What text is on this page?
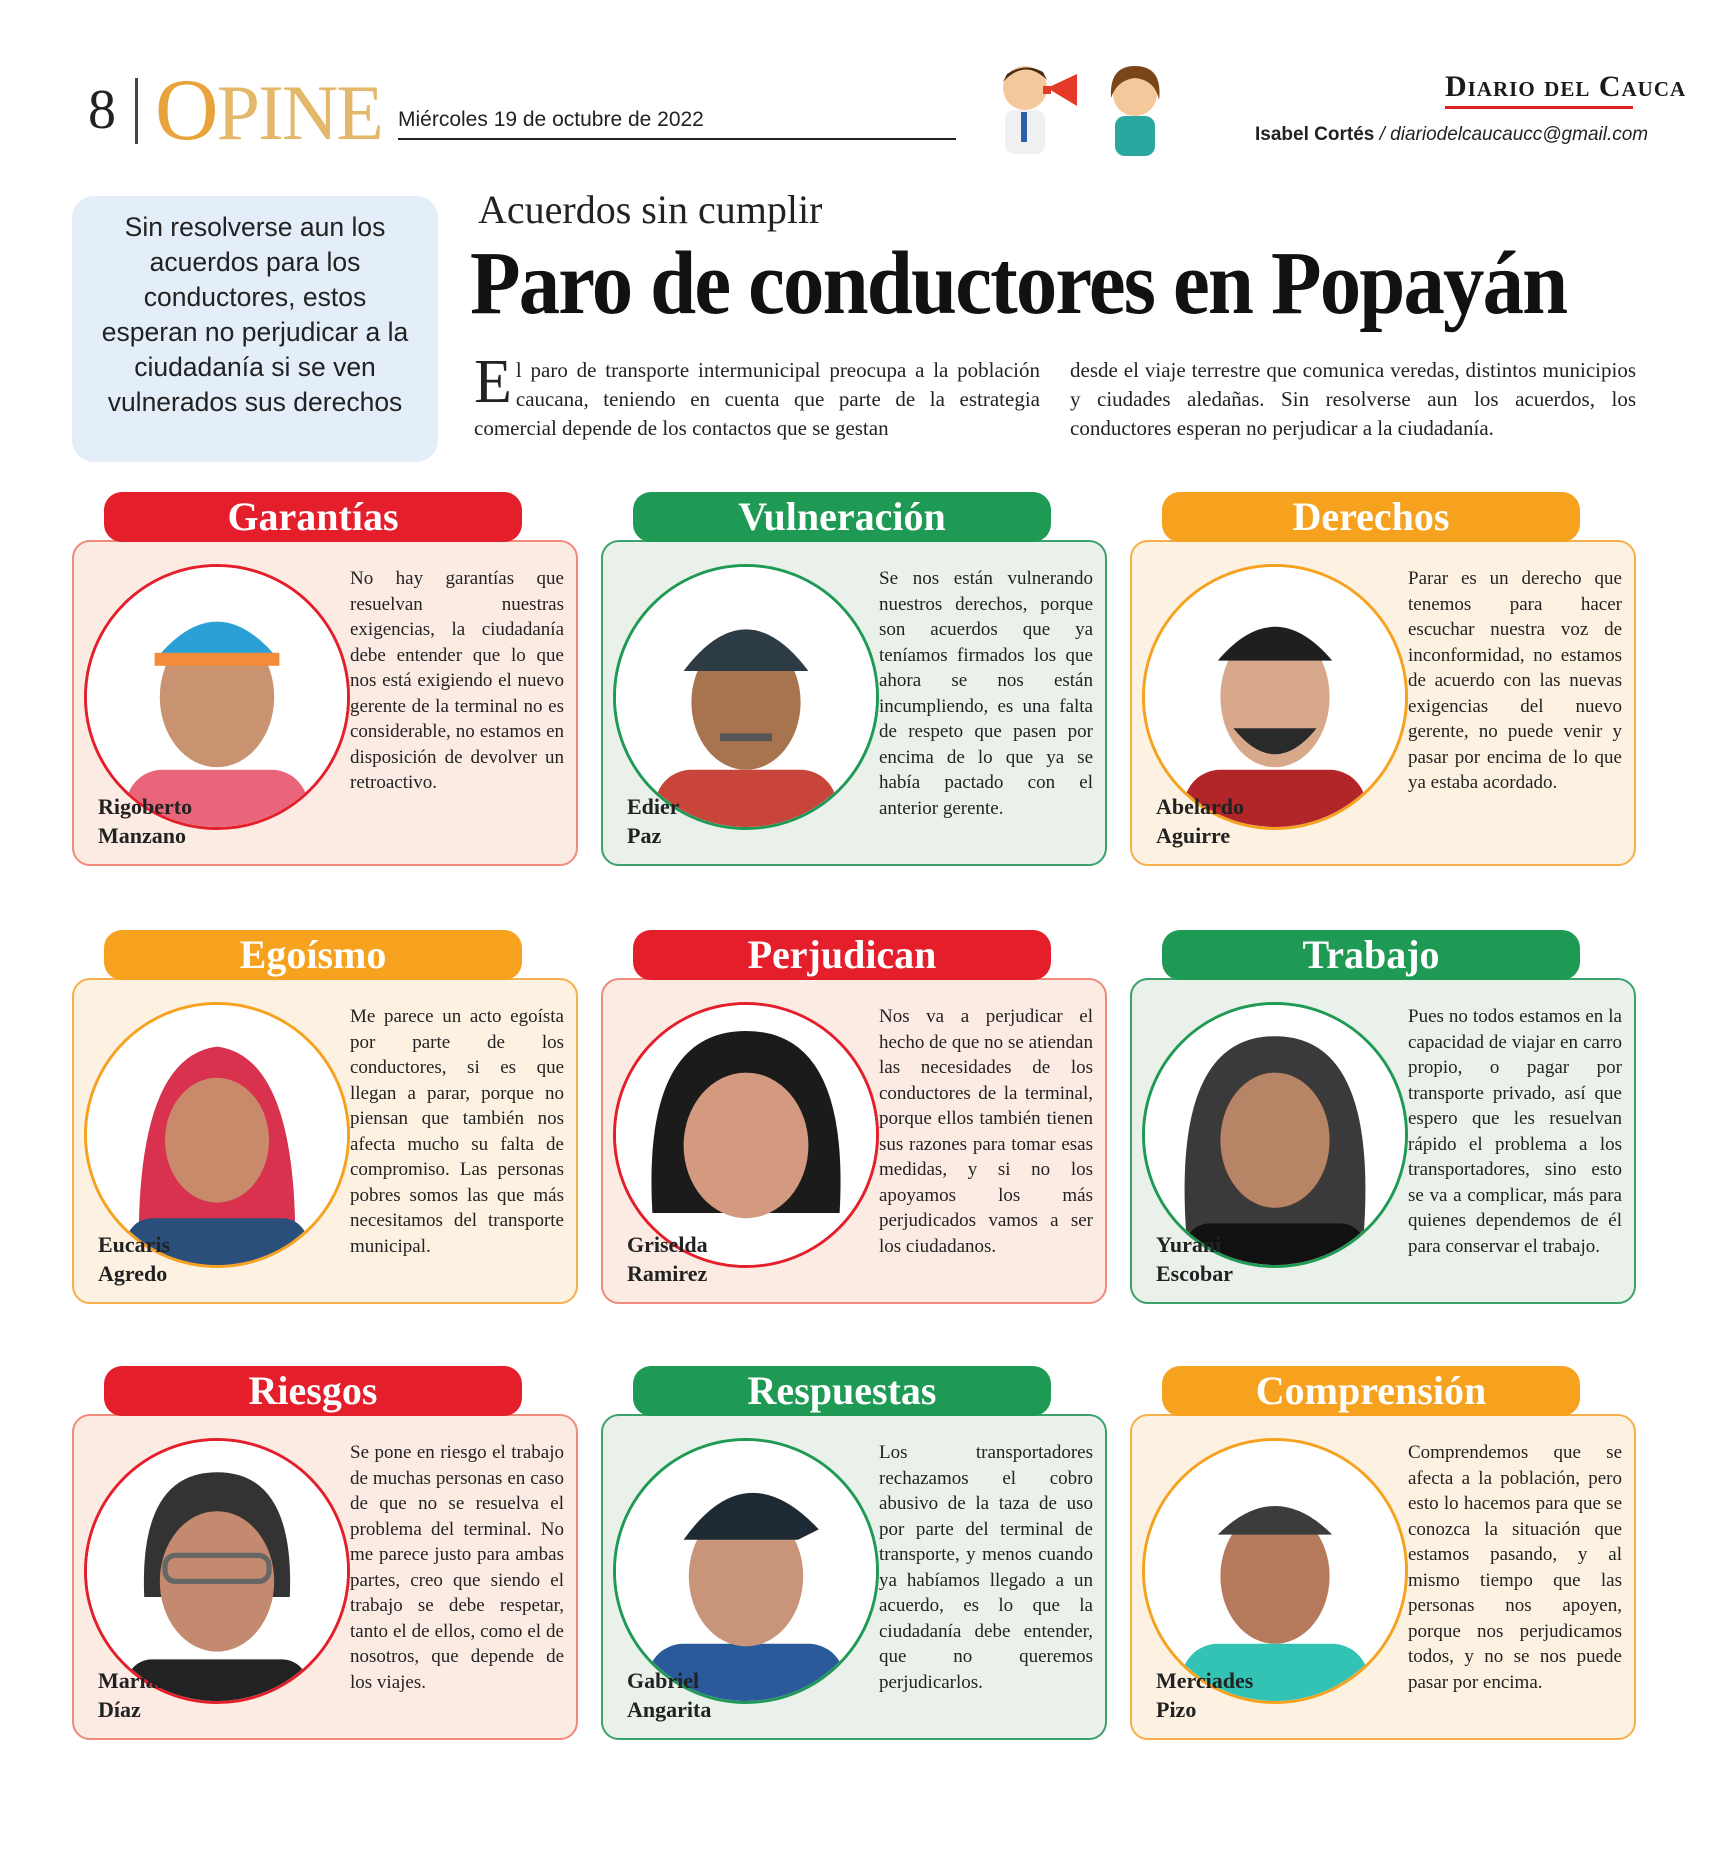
8 OPINE Miércoles 19 de octubre de 2022
Diario del Cauca
Isabel Cortés / diariodelcaucaucc@gmail.com

Sin resolverse aun los acuerdos para los conductores, estos esperan no perjudicar a la ciudadanía si se ven vulnerados sus derechos

Acuerdos sin cumplir
Paro de conductores en Popayán
El paro de transporte intermunicipal preocupa a la población caucana, teniendo en cuenta que parte de la estrategia comercial depende de los contactos que se gestan
desde el viaje terrestre que comunica veredas, distintos municipios y ciudades aledañas. Sin resolverse aun los acuerdos, los conductores esperan no perjudicar a la ciudadanía.
Garantías
No hay garantías que resuelvan nuestras exigencias, la ciudadanía debe entender que lo que nos está exigiendo el nuevo gerente de la terminal no es considerable, no estamos en disposición de devolver un retroactivo.
Rigoberto
Manzano
Vulneración
Se nos están vulnerando nuestros derechos, porque son acuerdos que ya teníamos firmados los que ahora se nos están incumpliendo, es una falta de respeto que pasen por encima de lo que ya se había pactado con el anterior gerente.
Edier
Paz
Derechos
Parar es un derecho que tenemos para hacer escuchar nuestra voz de inconformidad, no estamos de acuerdo con las nuevas exigencias del nuevo gerente, no puede venir y pasar por encima de lo que ya estaba acordado.
Abelardo
Aguirre
Egoísmo
Me parece un acto egoísta por parte de los conductores, si es que llegan a parar, porque no piensan que también nos afecta mucho su falta de compromiso. Las personas pobres somos las que más necesitamos del transporte municipal.
Eucaris
Agredo
Perjudican
Nos va a perjudicar el hecho de que no se atiendan las necesidades de los conductores de la terminal, porque ellos también tienen sus razones para tomar esas medidas, y si no los apoyamos los más perjudicados vamos a ser los ciudadanos.
Griselda
Ramirez
Trabajo
Pues no todos estamos en la capacidad de viajar en carro propio, o pagar por transporte privado, así que espero que les resuelvan rápido el problema a los transportadores, sino esto se va a complicar, más para quienes dependemos de él para conservar el trabajo.
Yurani
Escobar
Riesgos
Se pone en riesgo el trabajo de muchas personas en caso de que no se resuelva el problema del terminal. No me parece justo para ambas partes, creo que siendo el trabajo se debe respetar, tanto el de ellos, como el de nosotros, que depende de los viajes.
Mariana
Díaz
Respuestas
Los transportadores rechazamos el cobro abusivo de la taza de uso por parte del terminal de transporte, y menos cuando ya habíamos llegado a un acuerdo, es lo que la ciudadanía debe entender, que no queremos perjudicarlos.
Gabriel
Angarita
Comprensión
Comprendemos que se afecta a la población, pero esto lo hacemos para que se conozca la situación que estamos pasando, y al mismo tiempo que las personas nos apoyen, porque nos perjudicamos todos, y no se nos puede pasar por encima.
Merciades
Pizo
